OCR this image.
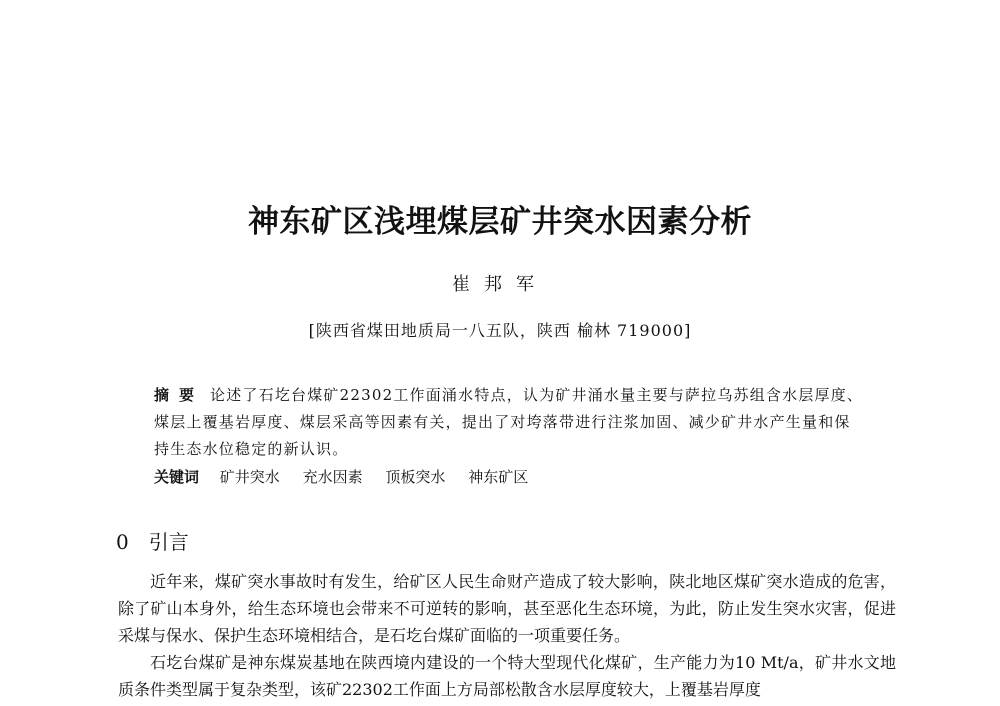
神东矿区浅埋煤层矿井突水因素分析
崔邦军
[陕西省煤田地质局一八五队，陕西 榆林 719000]
摘要 论述了石圪台煤矿22302工作面涌水特点，认为矿井涌水量主要与萨拉乌苏组含水层厚度、煤层上覆基岩厚度、煤层采高等因素有关，提出了对垮落带进行注浆加固、减少矿井水产生量和保持生态水位稳定的新认识。
关键词 矿井突水 充水因素 顶板突水 神东矿区
0 引言

近年来，煤矿突水事故时有发生，给矿区人民生命财产造成了较大影响，陕北地区煤矿突水造成的危害，除了矿山本身外，给生态环境也会带来不可逆转的影响，甚至恶化生态环境，为此，防止发生突水灾害，促进采煤与保水、保护生态环境相结合，是石圪台煤矿面临的一项重要任务。

石圪台煤矿是神东煤炭基地在陕西境内建设的一个特大型现代化煤矿，生产能力为10 Mt/a，矿井水文地质条件类型属于复杂类型，该矿22302工作面上方局部松散含水层厚度较大，上覆基岩厚度
